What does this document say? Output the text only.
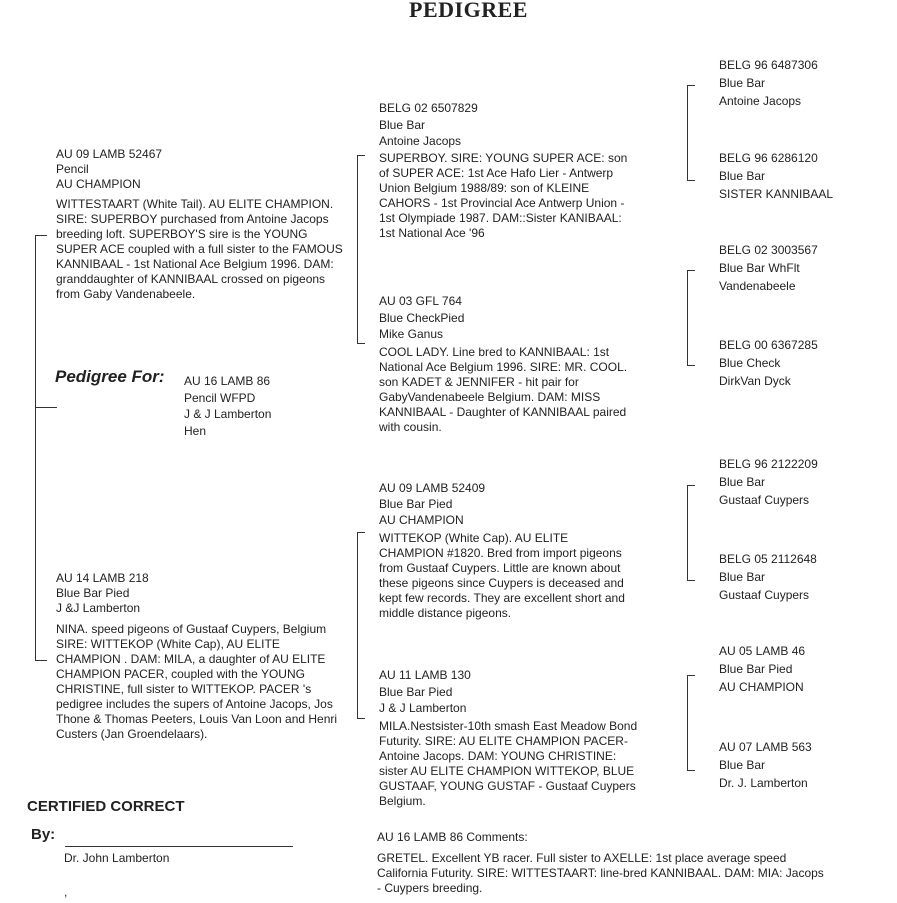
PEDIGREE
Pedigree For: AU 16 LAMB 86
Pencil WFPD
J & J Lamberton
Hen
AU 09 LAMB 52467
Pencil
AU CHAMPION
WITTESTAART (White Tail). AU ELITE CHAMPION. SIRE: SUPERBOY purchased from Antoine Jacops breeding loft. SUPERBOY'S sire is the YOUNG SUPER ACE coupled with a full sister to the FAMOUS KANNIBAAL - 1st National Ace Belgium 1996. DAM: granddaughter of KANNIBAAL crossed on pigeons from Gaby Vandenabeele.
AU 14 LAMB 218
Blue Bar Pied
J &J Lamberton
NINA. speed pigeons of Gustaaf Cuypers, Belgium SIRE: WITTEKOP (White Cap), AU ELITE CHAMPION . DAM: MILA, a daughter of AU ELITE CHAMPION PACER, coupled with the YOUNG CHRISTINE, full sister to WITTEKOP. PACER 's pedigree includes the supers of Antoine Jacops, Jos Thone & Thomas Peeters, Louis Van Loon and Henri Custers (Jan Groendelaars).
BELG 02 6507829
Blue Bar
Antoine Jacops
SUPERBOY. SIRE: YOUNG SUPER ACE: son of SUPER ACE: 1st Ace Hafo Lier - Antwerp Union Belgium 1988/89: son of KLEINE CAHORS - 1st Provincial Ace Antwerp Union - 1st Olympiade 1987. DAM::Sister KANIBAAL: 1st National Ace '96
AU 03 GFL 764
Blue CheckPied
Mike Ganus
COOL LADY. Line bred to KANNIBAAL: 1st National Ace Belgium 1996. SIRE: MR. COOL. son KADET & JENNIFER - hit pair for GabyVandenabeele Belgium. DAM: MISS KANNIBAAL - Daughter of KANNIBAAL paired with cousin.
AU 09 LAMB 52409
Blue Bar Pied
AU CHAMPION
WITTEKOP (White Cap). AU ELITE CHAMPION #1820. Bred from import pigeons from Gustaaf Cuypers. Little are known about these pigeons since Cuypers is deceased and kept few records. They are excellent short and middle distance pigeons.
AU 11 LAMB 130
Blue Bar Pied
J & J Lamberton
MILA.Nestsister-10th smash East Meadow Bond Futurity. SIRE: AU ELITE CHAMPION PACER-Antoine Jacops. DAM: YOUNG CHRISTINE: sister AU ELITE CHAMPION WITTEKOP, BLUE GUSTAAF, YOUNG GUSTAF - Gustaaf Cuypers Belgium.
BELG 96 6487306
Blue Bar
Antoine Jacops
BELG 96 6286120
Blue Bar
SISTER KANNIBAAL
BELG 02 3003567
Blue Bar WhFlt
Vandenabeele
BELG 00 6367285
Blue Check
DirkVan Dyck
BELG 96 2122209
Blue Bar
Gustaaf Cuypers
BELG 05 2112648
Blue Bar
Gustaaf Cuypers
AU 05 LAMB 46
Blue Bar Pied
AU CHAMPION
AU 07 LAMB 563
Blue Bar
Dr. J. Lamberton
CERTIFIED CORRECT
By:
Dr. John Lamberton
,
AU 16 LAMB 86 Comments:
GRETEL. Excellent YB racer. Full sister to AXELLE: 1st place average speed California Futurity. SIRE: WITTESTAART: line-bred KANNIBAAL. DAM: MIA: Jacops - Cuypers breeding.
